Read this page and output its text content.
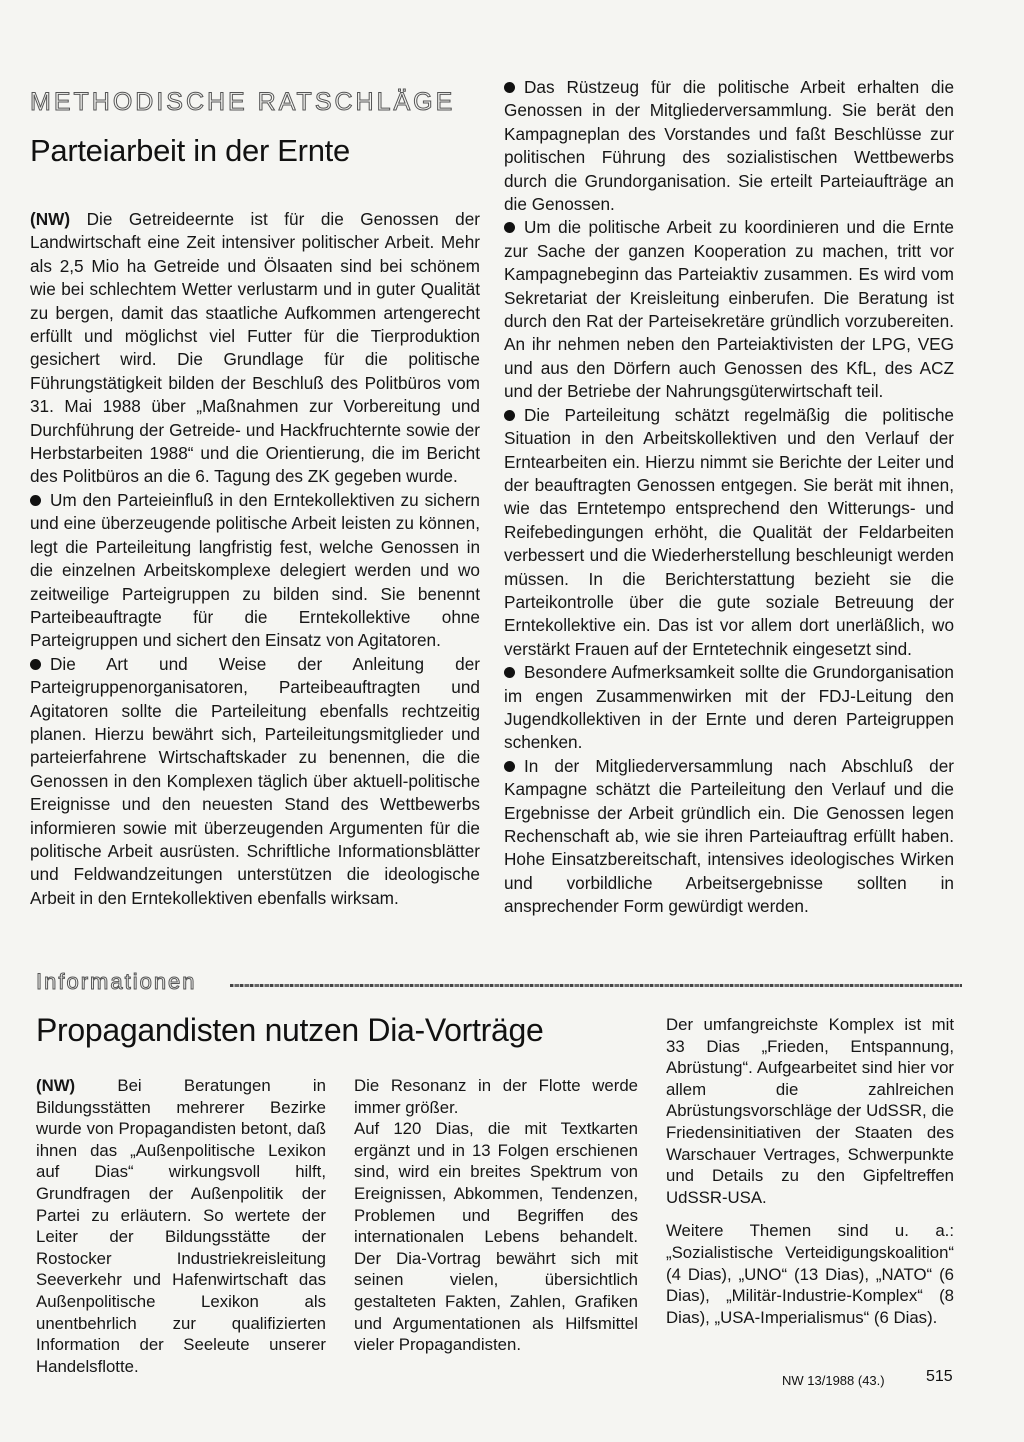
METHODISCHE RATSCHLÄGE
Parteiarbeit in der Ernte

(NW) Die Getreideernte ist für die Genossen der Landwirtschaft eine Zeit intensiver politischer Arbeit. Mehr als 2,5 Mio ha Getreide und Ölsaaten sind bei schönem wie bei schlechtem Wetter verlustarm und in guter Qualität zu bergen, damit das staatliche Aufkommen artengerecht erfüllt und möglichst viel Futter für die Tierproduktion gesichert wird. Die Grundlage für die politische Führungstätigkeit bilden der Beschluß des Politbüros vom 31. Mai 1988 über „Maßnahmen zur Vorbereitung und Durchführung der Getreide- und Hackfruchternte sowie der Herbstarbeiten 1988“ und die Orientierung, die im Bericht des Politbüros an die 6. Tagung des ZK gegeben wurde.

Um den Parteieinfluß in den Erntekollektiven zu sichern und eine überzeugende politische Arbeit leisten zu können, legt die Parteileitung langfristig fest, welche Genossen in die einzelnen Arbeitskomplexe delegiert werden und wo zeitweilige Parteigruppen zu bilden sind. Sie benennt Parteibeauftragte für die Erntekollektive ohne Parteigruppen und sichert den Einsatz von Agitatoren.

Die Art und Weise der Anleitung der Parteigruppenorganisatoren, Parteibeauftragten und Agitatoren sollte die Parteileitung ebenfalls rechtzeitig planen. Hierzu bewährt sich, Parteileitungsmitglieder und parteierfahrene Wirtschaftskader zu benennen, die die Genossen in den Komplexen täglich über aktuell-politische Ereignisse und den neuesten Stand des Wettbewerbs informieren sowie mit überzeugenden Argumenten für die politische Arbeit ausrüsten. Schriftliche Informationsblätter und Feldwandzeitungen unterstützen die ideologische Arbeit in den Erntekollektiven ebenfalls wirksam.

Das Rüstzeug für die politische Arbeit erhalten die Genossen in der Mitgliederversammlung. Sie berät den Kampagneplan des Vorstandes und faßt Beschlüsse zur politischen Führung des sozialistischen Wettbewerbs durch die Grundorganisation. Sie erteilt Parteiaufträge an die Genossen.

Um die politische Arbeit zu koordinieren und die Ernte zur Sache der ganzen Kooperation zu machen, tritt vor Kampagnebeginn das Parteiaktiv zusammen. Es wird vom Sekretariat der Kreisleitung einberufen. Die Beratung ist durch den Rat der Parteisekretäre gründlich vorzubereiten. An ihr nehmen neben den Parteiaktivisten der LPG, VEG und aus den Dörfern auch Genossen des KfL, des ACZ und der Betriebe der Nahrungsgüterwirtschaft teil.

Die Parteileitung schätzt regelmäßig die politische Situation in den Arbeitskollektiven und den Verlauf der Erntearbeiten ein. Hierzu nimmt sie Berichte der Leiter und der beauftragten Genossen entgegen. Sie berät mit ihnen, wie das Erntetempo entsprechend den Witterungs- und Reifebedingungen erhöht, die Qualität der Feldarbeiten verbessert und die Wiederherstellung beschleunigt werden müssen. In die Berichterstattung bezieht sie die Parteikontrolle über die gute soziale Betreuung der Erntekollektive ein. Das ist vor allem dort unerläßlich, wo verstärkt Frauen auf der Erntetechnik eingesetzt sind.

Besondere Aufmerksamkeit sollte die Grundorganisation im engen Zusammenwirken mit der FDJ-Leitung den Jugendkollektiven in der Ernte und deren Parteigruppen schenken.

In der Mitgliederversammlung nach Abschluß der Kampagne schätzt die Parteileitung den Verlauf und die Ergebnisse der Arbeit gründlich ein. Die Genossen legen Rechenschaft ab, wie sie ihren Parteiauftrag erfüllt haben. Hohe Einsatzbereitschaft, intensives ideologisches Wirken und vorbildliche Arbeitsergebnisse sollten in ansprechender Form gewürdigt werden.

Informationen
Propagandisten nutzen Dia-Vorträge

(NW) Bei Beratungen in Bildungsstätten mehrerer Bezirke wurde von Propagandisten betont, daß ihnen das „Außenpolitische Lexikon auf Dias“ wirkungsvoll hilft, Grundfragen der Außenpolitik der Partei zu erläutern. So wertete der Leiter der Bildungsstätte der Rostocker Industriekreisleitung Seeverkehr und Hafenwirtschaft das Außenpolitische Lexikon als unentbehrlich zur qualifizierten Information der Seeleute unserer Handelsflotte.

Die Resonanz in der Flotte werde immer größer.

Auf 120 Dias, die mit Textkarten ergänzt und in 13 Folgen erschienen sind, wird ein breites Spektrum von Ereignissen, Abkommen, Tendenzen, Problemen und Begriffen des internationalen Lebens behandelt. Der Dia-Vortrag bewährt sich mit seinen vielen, übersichtlich gestalteten Fakten, Zahlen, Grafiken und Argumentationen als Hilfsmittel vieler Propagandisten.

Der umfangreichste Komplex ist mit 33 Dias „Frieden, Entspannung, Abrüstung“. Aufgearbeitet sind hier vor allem die zahlreichen Abrüstungsvorschläge der UdSSR, die Friedensinitiativen der Staaten des Warschauer Vertrages, Schwerpunkte und Details zu den Gipfeltreffen UdSSR-USA.

Weitere Themen sind u. a.: „Sozialistische Verteidigungskoalition“ (4 Dias), „UNO“ (13 Dias), „NATO“ (6 Dias), „Militär-Industrie-Komplex“ (8 Dias), „USA-Imperialismus“ (6 Dias).

NW 13/1988 (43.)	515
